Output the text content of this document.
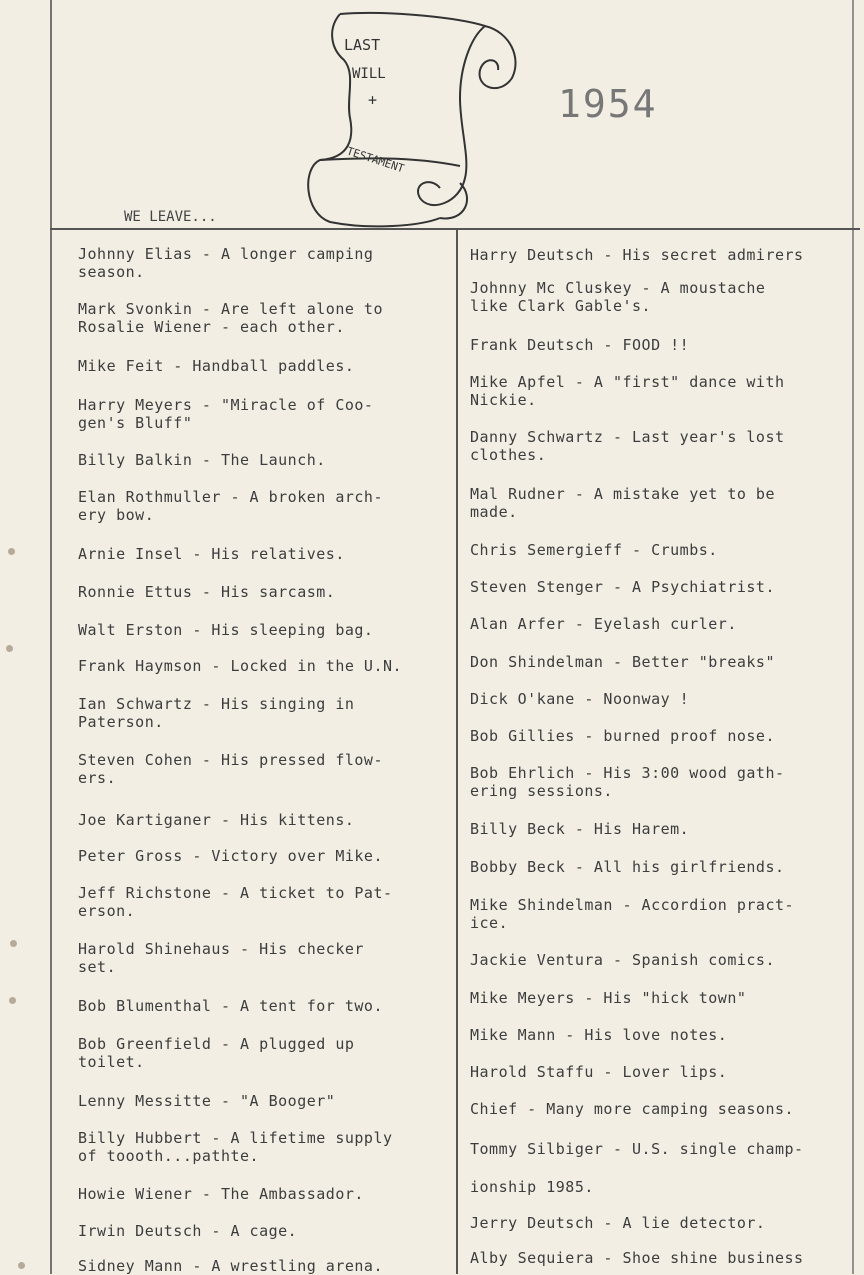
LAST
WILL
+
TESTAMENT
1954
WE LEAVE...
Johnny Elias - A longer camping
season.
Mark Svonkin - Are left alone to
Rosalie Wiener - each other.
Mike Feit - Handball paddles.
Harry Meyers - "Miracle of Coo-
gen's Bluff"
Billy Balkin - The Launch.
Elan Rothmuller - A broken arch-
ery bow.
Arnie Insel - His relatives.
Ronnie Ettus - His sarcasm.
Walt Erston - His sleeping bag.
Frank Haymson - Locked in the U.N.
Ian Schwartz - His singing in
Paterson.
Steven Cohen - His pressed flow-
ers.
Joe Kartiganer - His kittens.
Peter Gross - Victory over Mike.
Jeff Richstone - A ticket to Pat-
erson.
Harold Shinehaus - His checker
set.
Bob Blumenthal - A tent for two.
Bob Greenfield - A plugged up
toilet.
Lenny Messitte - "A Booger"
Billy Hubbert - A lifetime supply
of toooth...pathte.
Howie Wiener - The Ambassador.
Irwin Deutsch - A cage.
Sidney Mann - A wrestling arena.
Harry Deutsch - His secret admirers
Johnny Mc Cluskey - A moustache
like Clark Gable's.
Frank Deutsch - FOOD !!
Mike Apfel - A "first" dance with
Nickie.
Danny Schwartz - Last year's lost
clothes.
Mal Rudner - A mistake yet to be
made.
Chris Semergieff - Crumbs.
Steven Stenger - A Psychiatrist.
Alan Arfer - Eyelash curler.
Don Shindelman - Better "breaks"
Dick O'kane - Noonway !
Bob Gillies - burned proof nose.
Bob Ehrlich - His 3:00 wood gath-
ering sessions.
Billy Beck - His Harem.
Bobby Beck - All his girlfriends.
Mike Shindelman - Accordion pract-
ice.
Jackie Ventura - Spanish comics.
Mike Meyers - His "hick town"
Mike Mann - His love notes.
Harold Staffu - Lover lips.
Chief - Many more camping seasons.
Tommy Silbiger - U.S. single champ-
ionship 1985.
Jerry Deutsch - A lie detector.
Alby Sequiera - Shoe shine business
